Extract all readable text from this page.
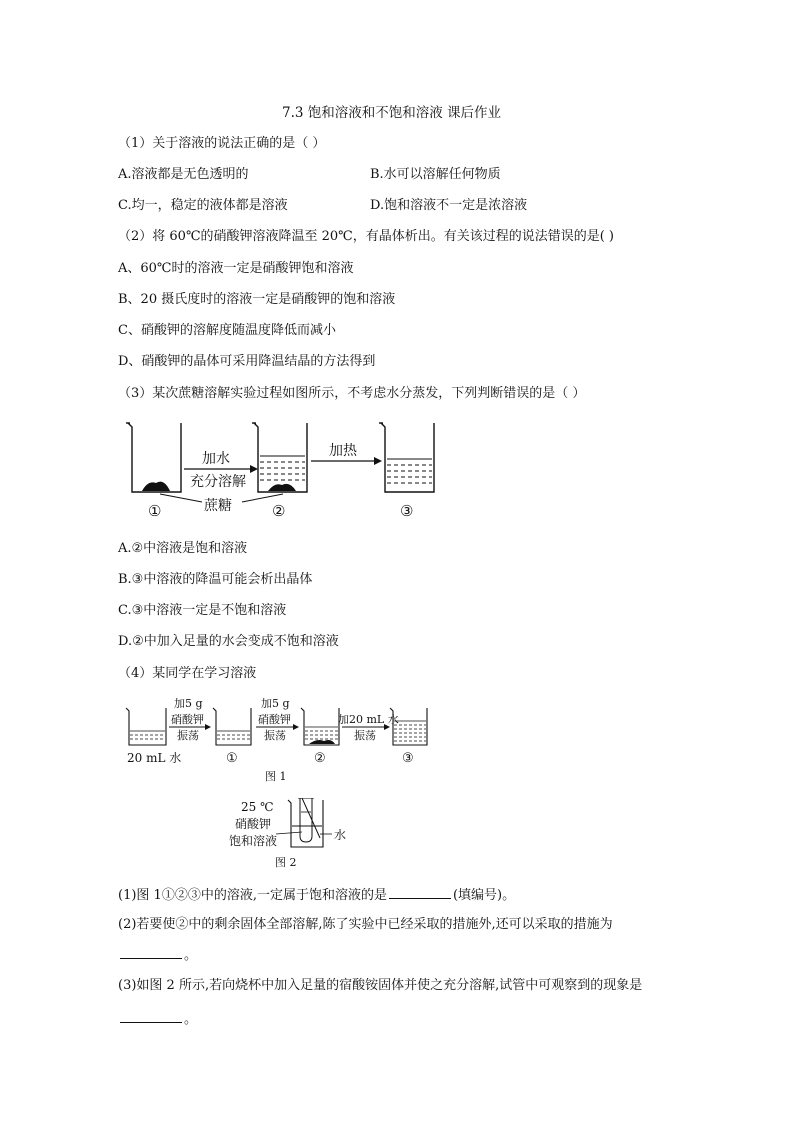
7.3 饱和溶液和不饱和溶液 课后作业
（1）关于溶液的说法正确的是（ ）
A.溶液都是无色透明的	B.水可以溶解任何物质
C.均一，稳定的液体都是溶液	D.饱和溶液不一定是浓溶液
（2）将 60℃的硝酸钾溶液降温至 20℃，有晶体析出。有关该过程的说法错误的是( )
A、60℃时的溶液一定是硝酸钾饱和溶液
B、20 摄氏度时的溶液一定是硝酸钾的饱和溶液
C、硝酸钾的溶解度随温度降低而减小
D、硝酸钾的晶体可采用降温结晶的方法得到
（3）某次蔗糖溶解实验过程如图所示，不考虑水分蒸发，下列判断错误的是（ ）
加水
充分溶解
加热
蔗糖
①	②	③
A.②中溶液是饱和溶液
B.③中溶液的降温可能会析出晶体
C.③中溶液一定是不饱和溶液
D.②中加入足量的水会变成不饱和溶液
（4）某同学在学习溶液
20 mL 水
加5 g
硝酸钾
振荡
①
加5 g
硝酸钾
振荡
②
加20 mL 水
振荡
③
图 1
25 ℃
硝酸钾
饱和溶液	水
图 2
(1)图 1①②③中的溶液,一定属于饱和溶液的是	(填编号)。
(2)若要使②中的剩余固体全部溶解,陈了实验中已经采取的措施外,还可以采取的措施为
。
(3)如图 2 所示,若向烧杯中加入足量的宿酸铵固体并使之充分溶解,试管中可观察到的现象是
。
